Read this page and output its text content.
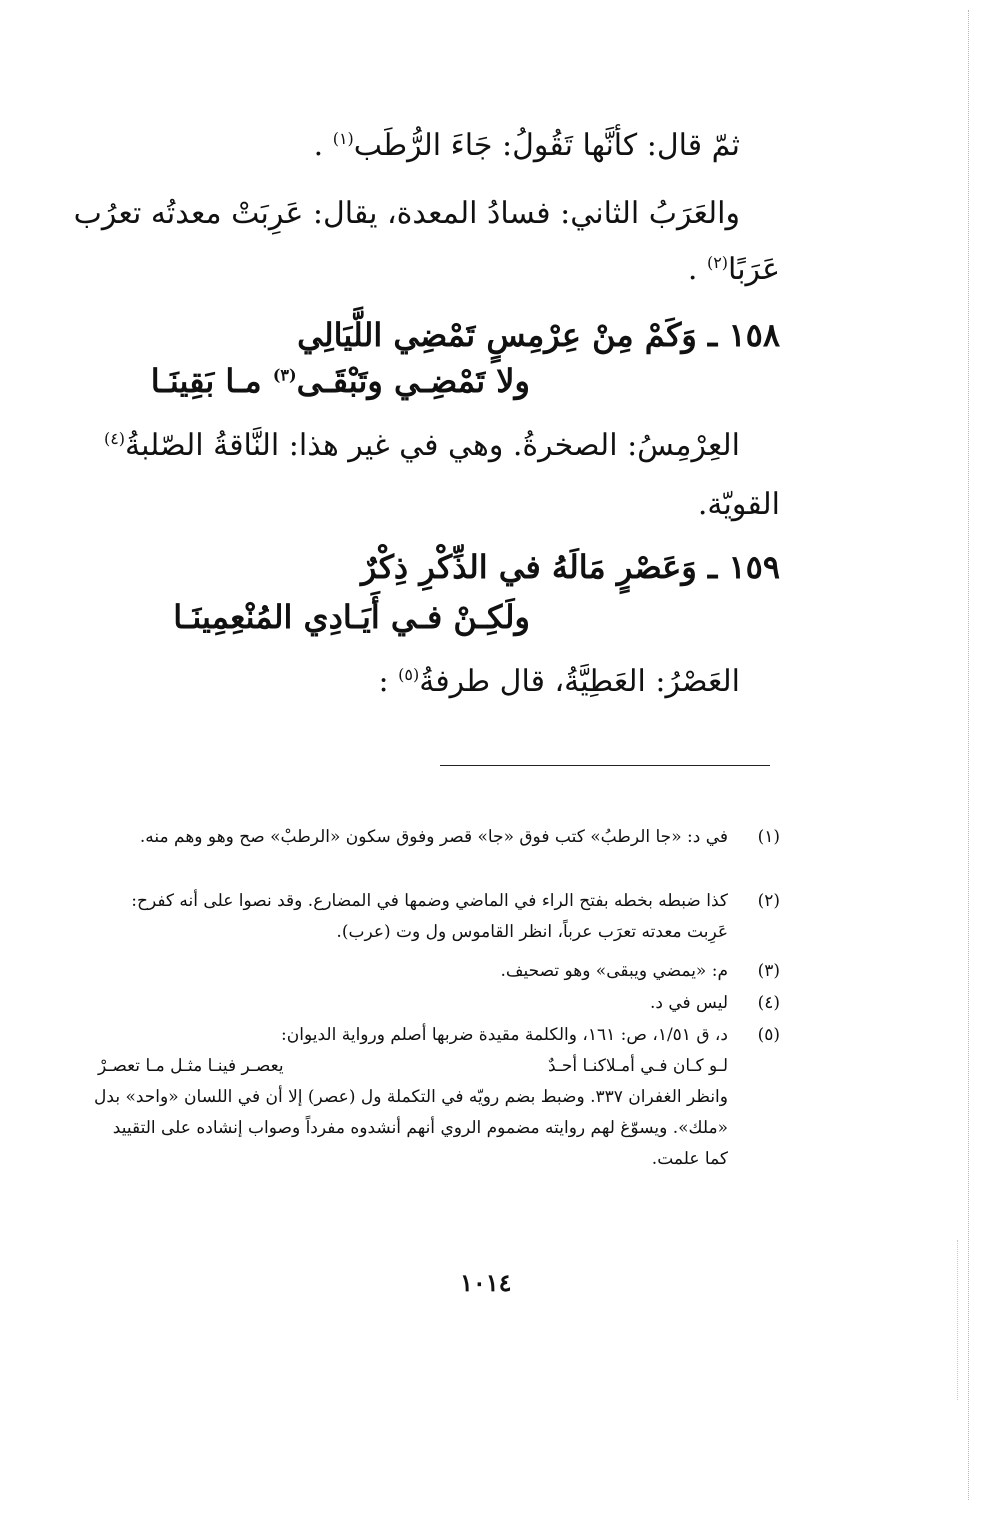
ثمّ قال: كأنَّها تَقُولُ: جَاءَ الرُّطَب$^{(١)}$ .
والعَرَبُ الثاني: فسادُ المعدة، يقال: عَرِبَتْ معدتُه تعرُب
عَرَبًا$^{(٢)}$ .
١٥٨ ـ وَكَمْ مِنْ عِرْمِسٍ تَمْضِي اللَّيَالِي
ولا تَمْضِـي وتَبْقَـى$^{(٣)}$ مـا بَقِينَـا
العِرْمِسُ: الصخرةُ. وهي في غير هذا: النَّاقةُ الصّلبةُ$^{(٤)}$
القويّة.
١٥٩ ـ وَعَصْرٍ مَالَهُ في الذِّكْرِ ذِكْرٌ
ولَكِـنْ فـي أَيَـادِي المُنْعِمِينَـا
العَصْرُ: العَطِيَّةُ، قال طرفةُ$^{(٥)}$ :
(١)
في د: «جا الرطبُ» كتب فوق «جا» قصر وفوق سكون «الرطبْ» صح وهو وهم منه.
(٢)
كذا ضبطه بخطه بفتح الراء في الماضي وضمها في المضارع. وقد نصوا على أنه كفرح: عَرِبت معدته تعرَب عرباً، انظر القاموس ول وت (عرب).
(٣)
م: «يمضي ويبقى» وهو تصحيف.
(٤)
ليس في د.
(٥)
د، ق ١/٥١، ص: ١٦١، والكلمة مقيدة ضربها أصلم ورواية الديوان:
لـو كـان فـي أمـلاكنـا أحـدٌ
يعصـر فينـا مثـل مـا تعصـرْ
وانظر الغفران ٣٣٧. وضبط بضم رويّه في التكملة ول (عصر) إلا أن في اللسان «واحد» بدل «ملك». ويسوّغ لهم روايته مضموم الروي أنهم أنشدوه مفرداً وصواب إنشاده على التقييد كما علمت.
١٠١٤
